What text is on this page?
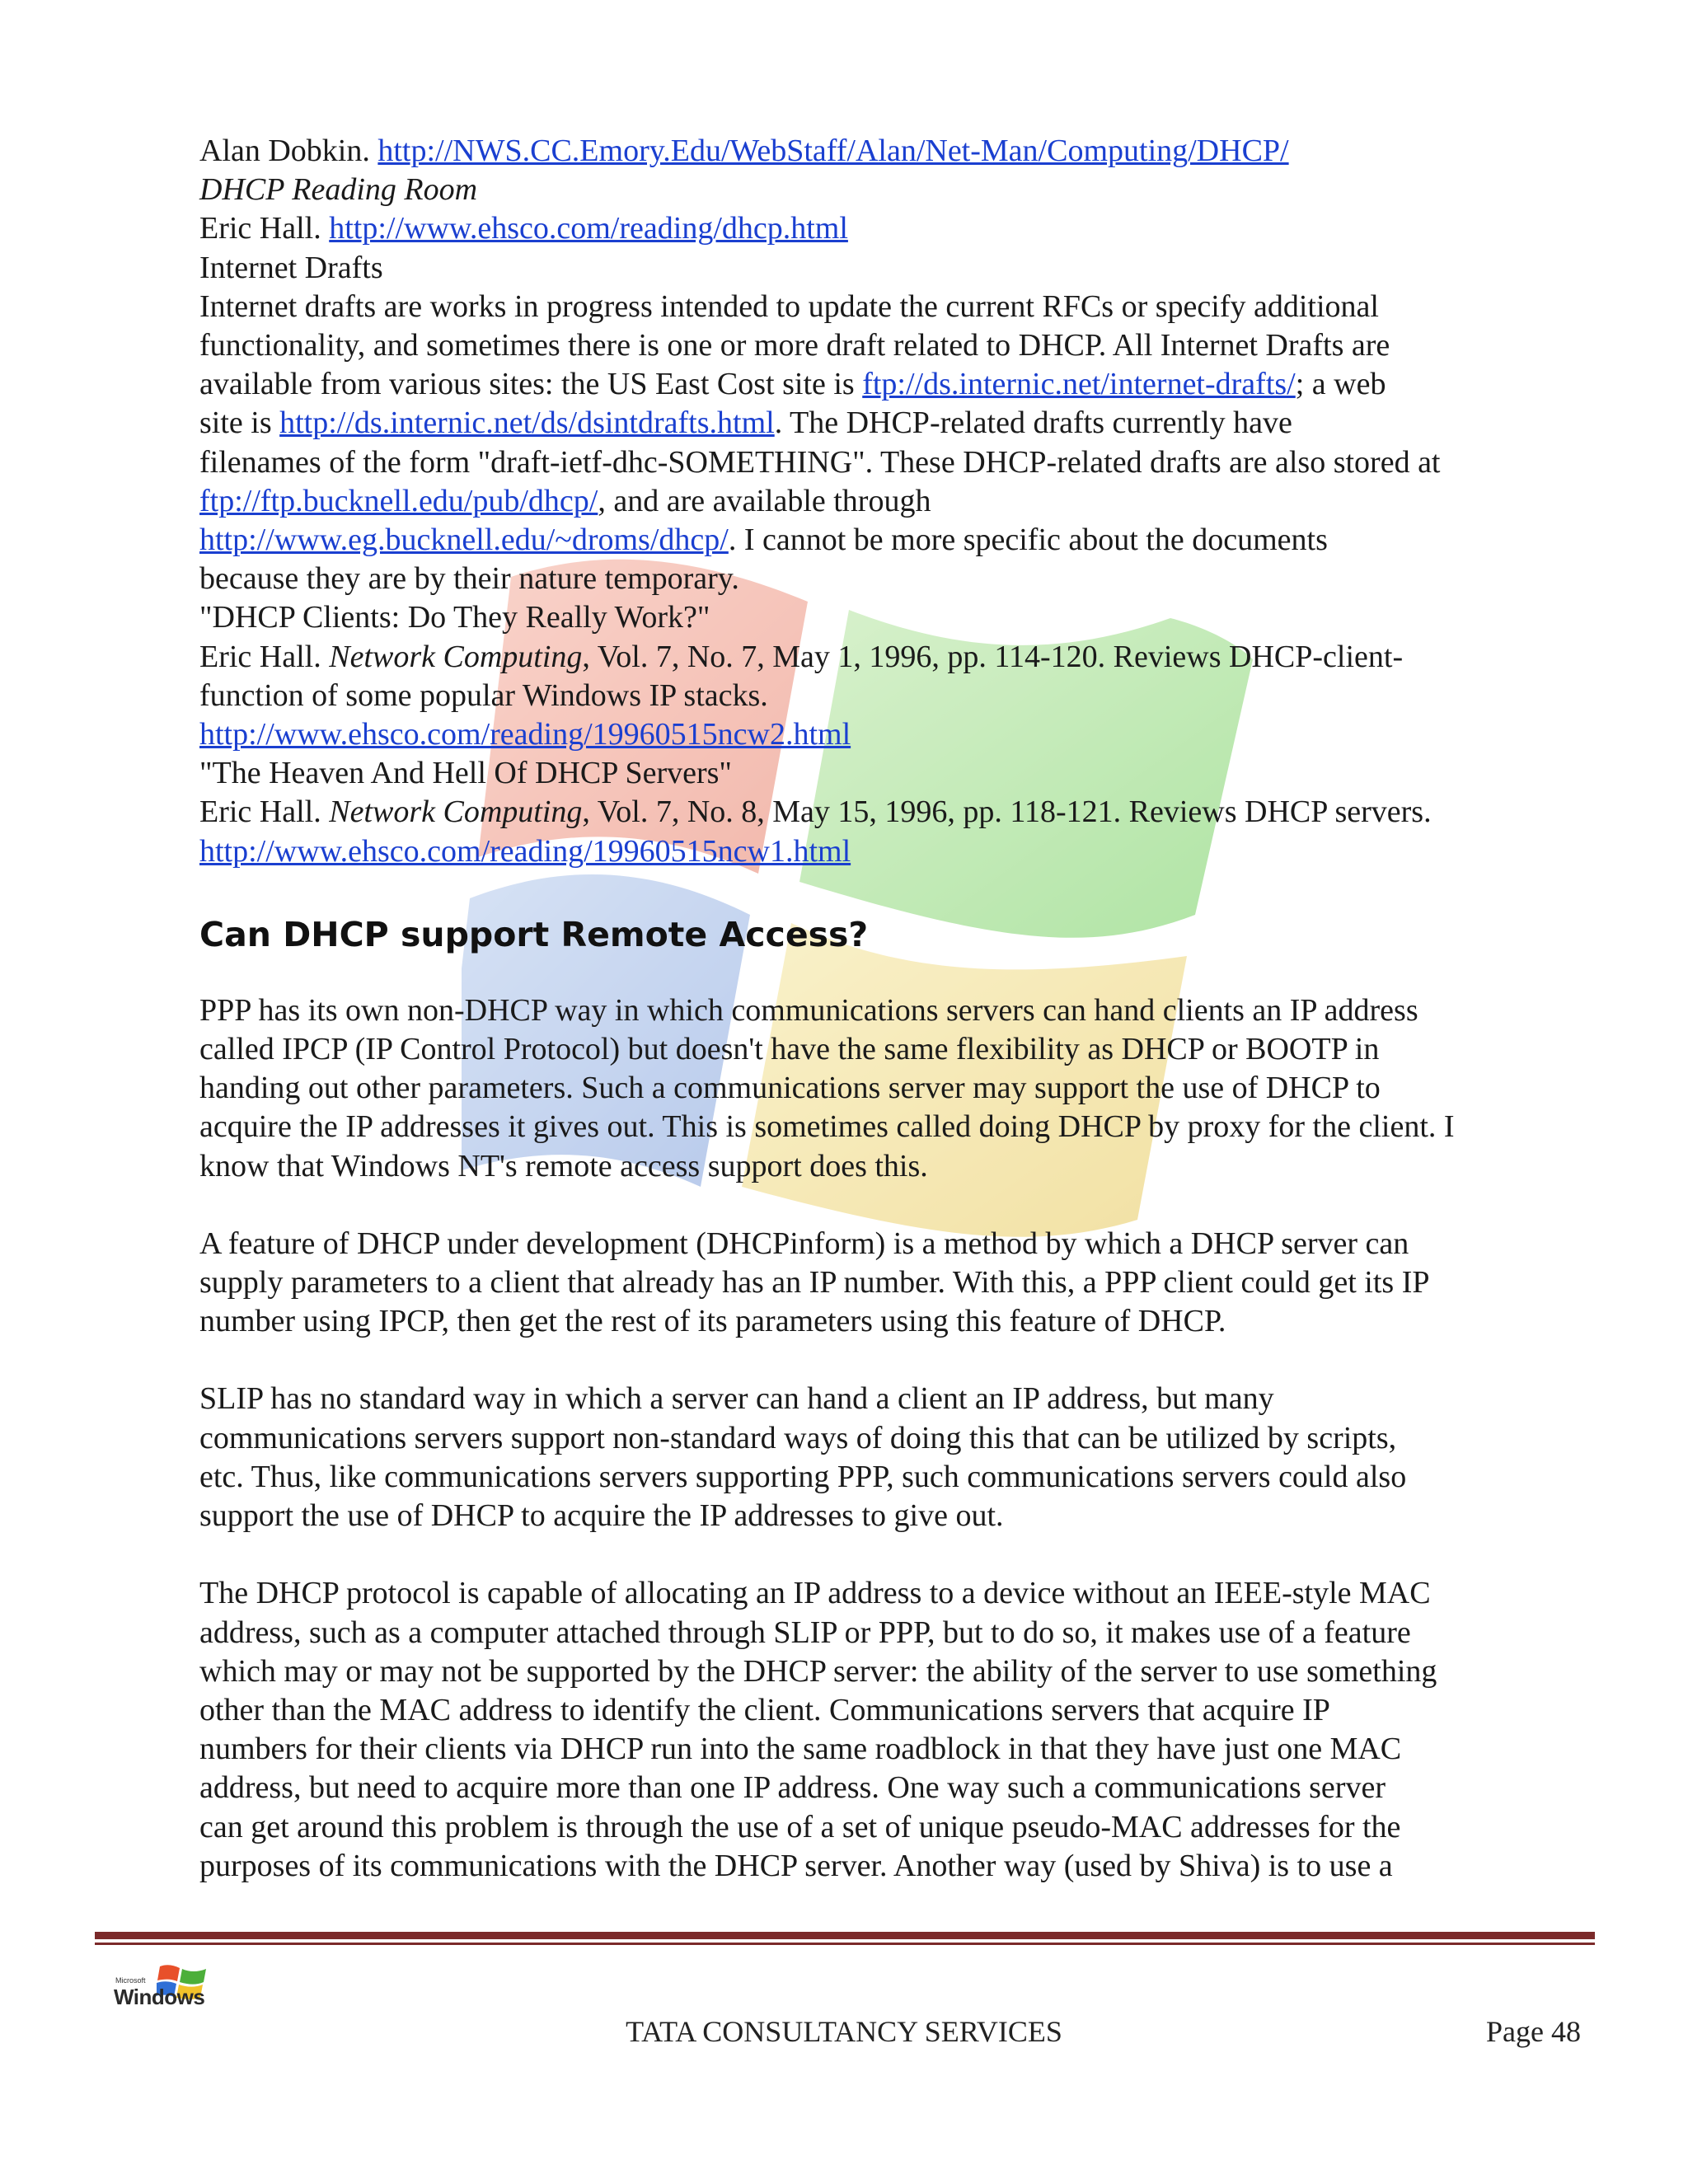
Alan Dobkin. http://NWS.CC.Emory.Edu/WebStaff/Alan/Net-Man/Computing/DHCP/
DHCP Reading Room
Eric Hall. http://www.ehsco.com/reading/dhcp.html
Internet Drafts
Internet drafts are works in progress intended to update the current RFCs or specify additional
functionality, and sometimes there is one or more draft related to DHCP. All Internet Drafts are
available from various sites: the US East Cost site is ftp://ds.internic.net/internet-drafts/; a web
site is http://ds.internic.net/ds/dsintdrafts.html. The DHCP-related drafts currently have
filenames of the form "draft-ietf-dhc-SOMETHING". These DHCP-related drafts are also stored at
ftp://ftp.bucknell.edu/pub/dhcp/, and are available through
http://www.eg.bucknell.edu/~droms/dhcp/. I cannot be more specific about the documents
because they are by their nature temporary.
"DHCP Clients: Do They Really Work?"
Eric Hall. Network Computing, Vol. 7, No. 7, May 1, 1996, pp. 114-120. Reviews DHCP-client-
function of some popular Windows IP stacks.
http://www.ehsco.com/reading/19960515ncw2.html
"The Heaven And Hell Of DHCP Servers"
Eric Hall. Network Computing, Vol. 7, No. 8, May 15, 1996, pp. 118-121. Reviews DHCP servers.
http://www.ehsco.com/reading/19960515ncw1.html
Can DHCP support Remote Access?
PPP has its own non-DHCP way in which communications servers can hand clients an IP address
called IPCP (IP Control Protocol) but doesn't have the same flexibility as DHCP or BOOTP in
handing out other parameters. Such a communications server may support the use of DHCP to
acquire the IP addresses it gives out. This is sometimes called doing DHCP by proxy for the client. I
know that Windows NT's remote access support does this.
A feature of DHCP under development (DHCPinform) is a method by which a DHCP server can
supply parameters to a client that already has an IP number. With this, a PPP client could get its IP
number using IPCP, then get the rest of its parameters using this feature of DHCP.
SLIP has no standard way in which a server can hand a client an IP address, but many
communications servers support non-standard ways of doing this that can be utilized by scripts,
etc. Thus, like communications servers supporting PPP, such communications servers could also
support the use of DHCP to acquire the IP addresses to give out.
The DHCP protocol is capable of allocating an IP address to a device without an IEEE-style MAC
address, such as a computer attached through SLIP or PPP, but to do so, it makes use of a feature
which may or may not be supported by the DHCP server: the ability of the server to use something
other than the MAC address to identify the client. Communications servers that acquire IP
numbers for their clients via DHCP run into the same roadblock in that they have just one MAC
address, but need to acquire more than one IP address. One way such a communications server
can get around this problem is through the use of a set of unique pseudo-MAC addresses for the
purposes of its communications with the DHCP server. Another way (used by Shiva) is to use a
Microsoft
Windows
TATA CONSULTANCY SERVICES	Page 48
